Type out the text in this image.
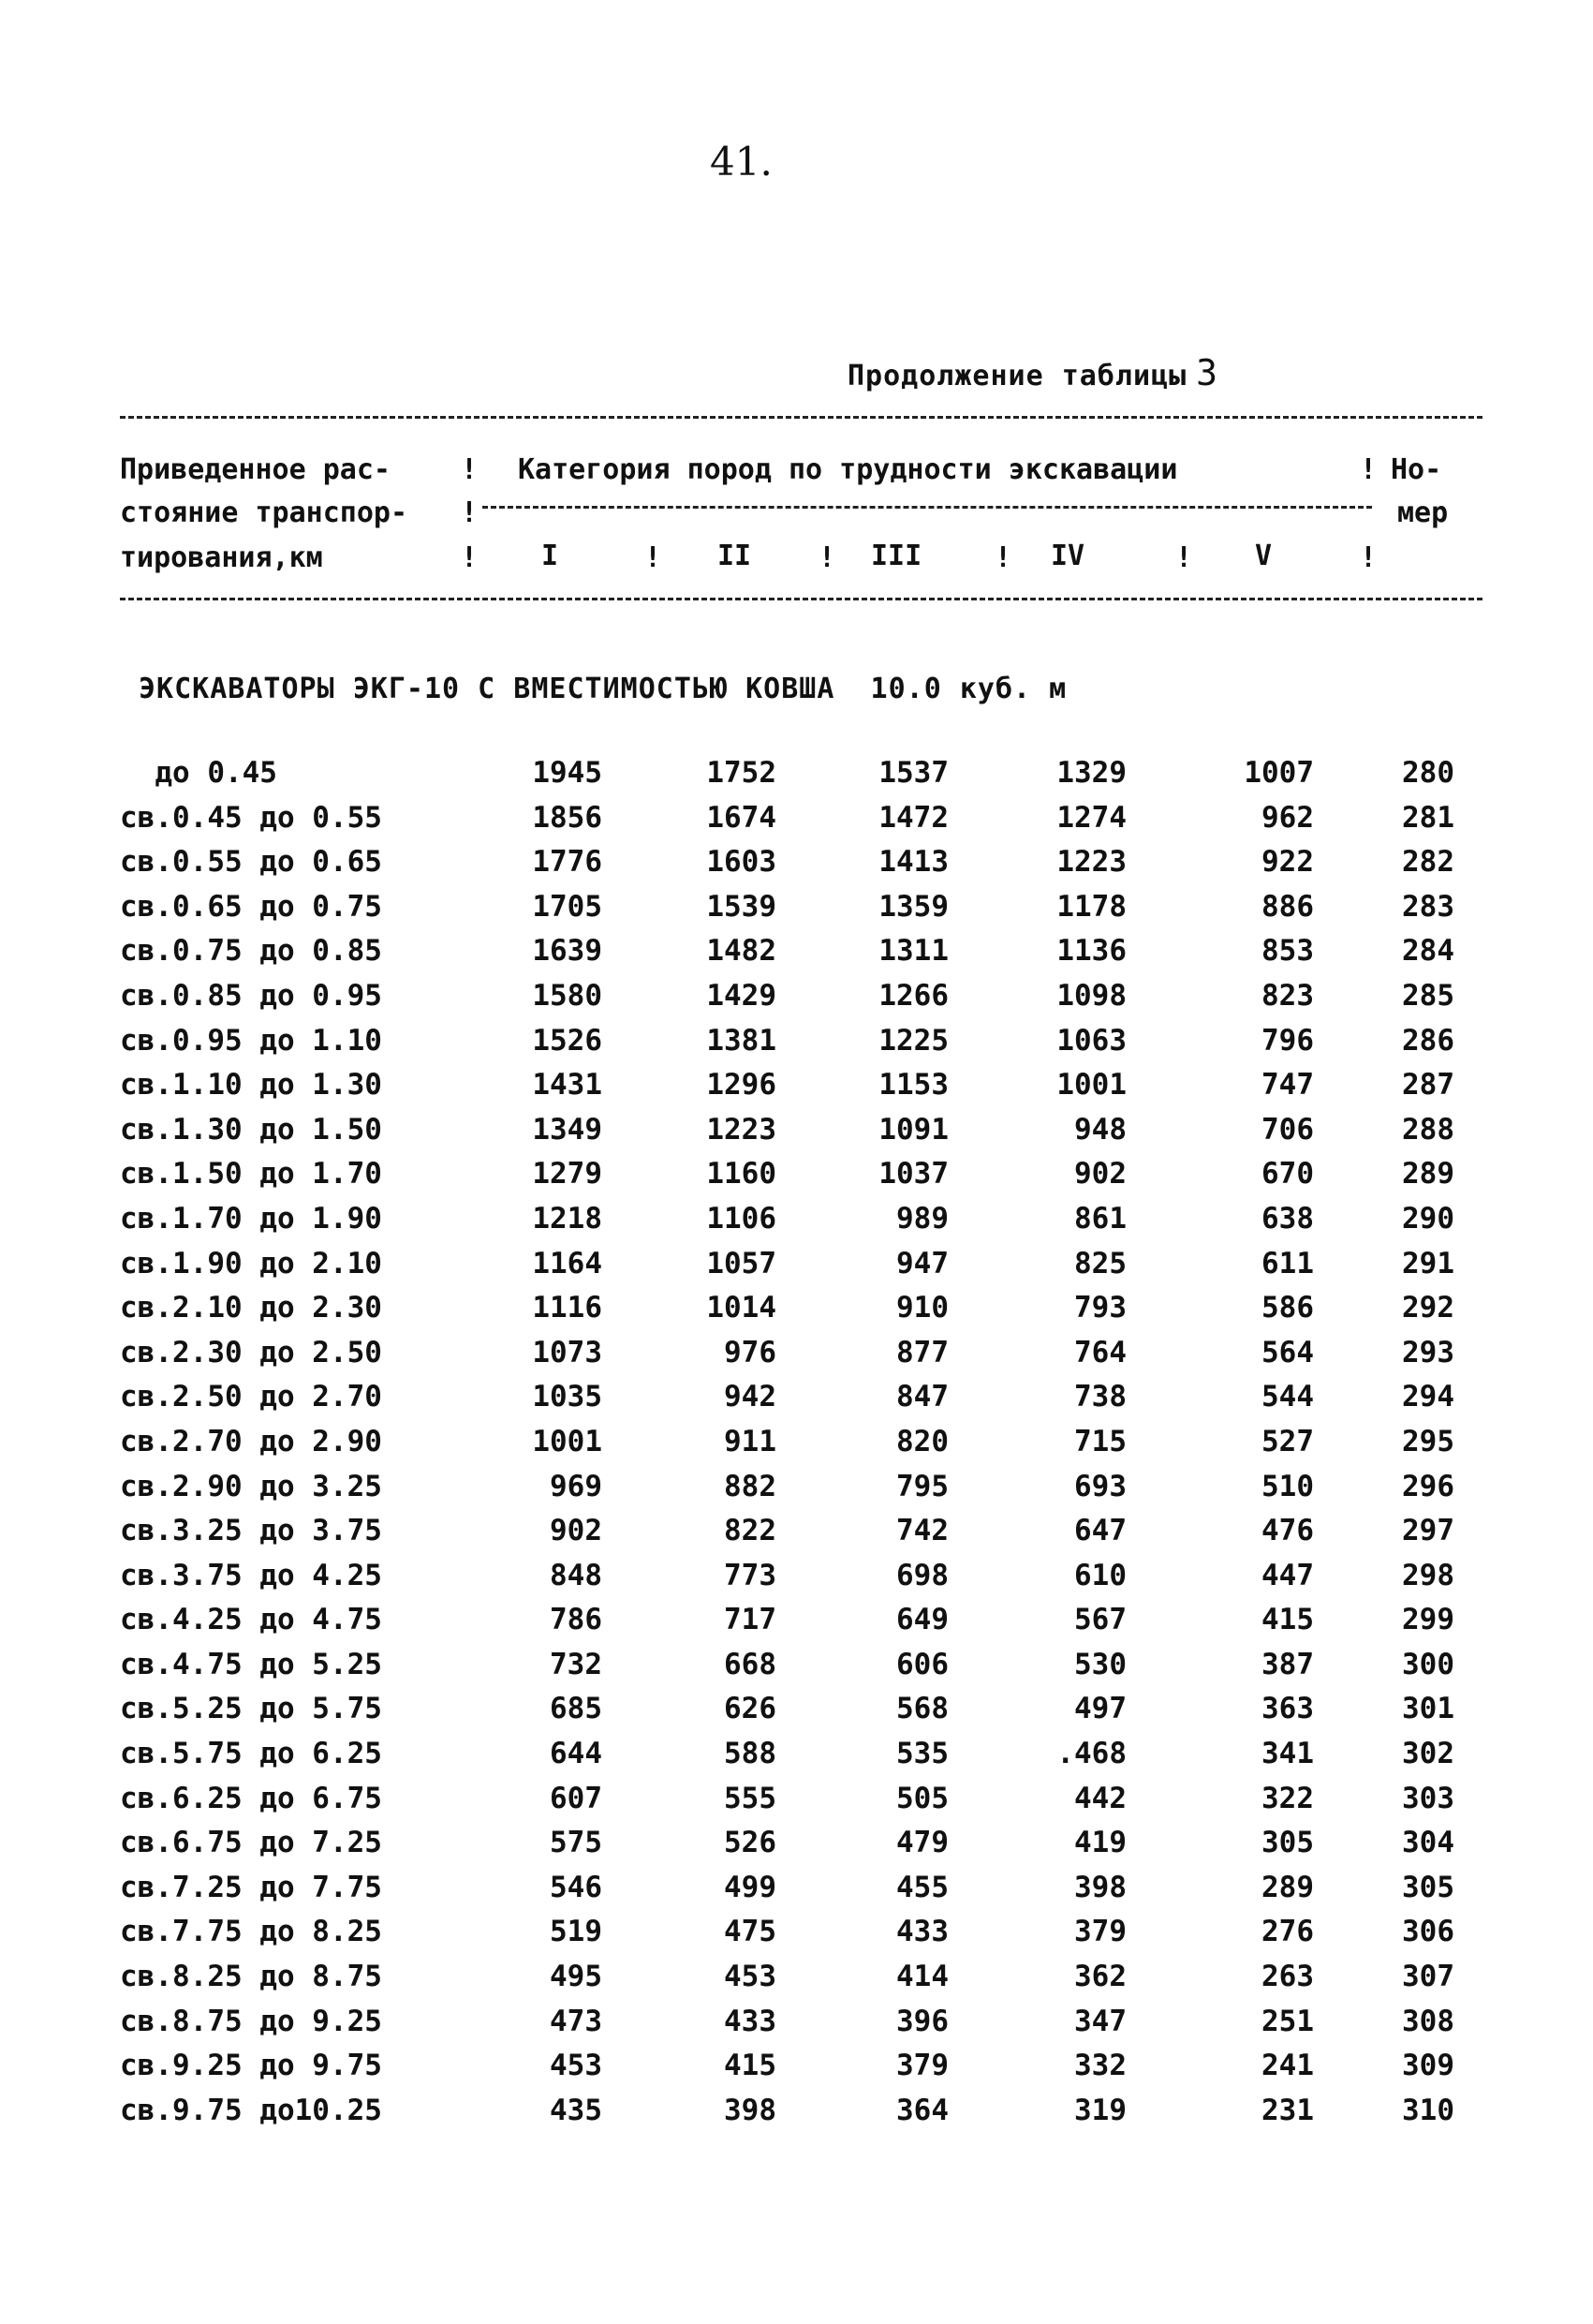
41.
Продолжение таблицы 3
Приведенное рас-
стояние транспор-
тирования,км
!
!
!
Категория пород по трудности экскавации	! Но-
мер
I	! II ! III	! IV	! V	!
ЭКСКАВАТОРЫ ЭКГ-10 С ВМЕСТИМОСТЬЮ КОВША  10.0 куб. м
до 0.45	1945	1752	1537	1329	1007	280
св.0.45 до 0.55	1856	1674	1472	1274	962	281
св.0.55 до 0.65	1776	1603	1413	1223	922	282
св.0.65 до 0.75	1705	1539	1359	1178	886	283
св.0.75 до 0.85	1639	1482	1311	1136	853	284
св.0.85 до 0.95	1580	1429	1266	1098	823	285
св.0.95 до 1.10	1526	1381	1225	1063	796	286
св.1.10 до 1.30	1431	1296	1153	1001	747	287
св.1.30 до 1.50	1349	1223	1091	948	706	288
св.1.50 до 1.70	1279	1160	1037	902	670	289
св.1.70 до 1.90	1218	1106	989	861	638	290
св.1.90 до 2.10	1164	1057	947	825	611	291
св.2.10 до 2.30	1116	1014	910	793	586	292
св.2.30 до 2.50	1073	976	877	764	564	293
св.2.50 до 2.70	1035	942	847	738	544	294
св.2.70 до 2.90	1001	911	820	715	527	295
св.2.90 до 3.25	969	882	795	693	510	296
св.3.25 до 3.75	902	822	742	647	476	297
св.3.75 до 4.25	848	773	698	610	447	298
св.4.25 до 4.75	786	717	649	567	415	299
св.4.75 до 5.25	732	668	606	530	387	300
св.5.25 до 5.75	685	626	568	497	363	301
св.5.75 до 6.25	644	588	535	.468	341	302
св.6.25 до 6.75	607	555	505	442	322	303
св.6.75 до 7.25	575	526	479	419	305	304
св.7.25 до 7.75	546	499	455	398	289	305
св.7.75 до 8.25	519	475	433	379	276	306
св.8.25 до 8.75	495	453	414	362	263	307
св.8.75 до 9.25	473	433	396	347	251	308
св.9.25 до 9.75	453	415	379	332	241	309
св.9.75 до10.25	435	398	364	319	231	310
